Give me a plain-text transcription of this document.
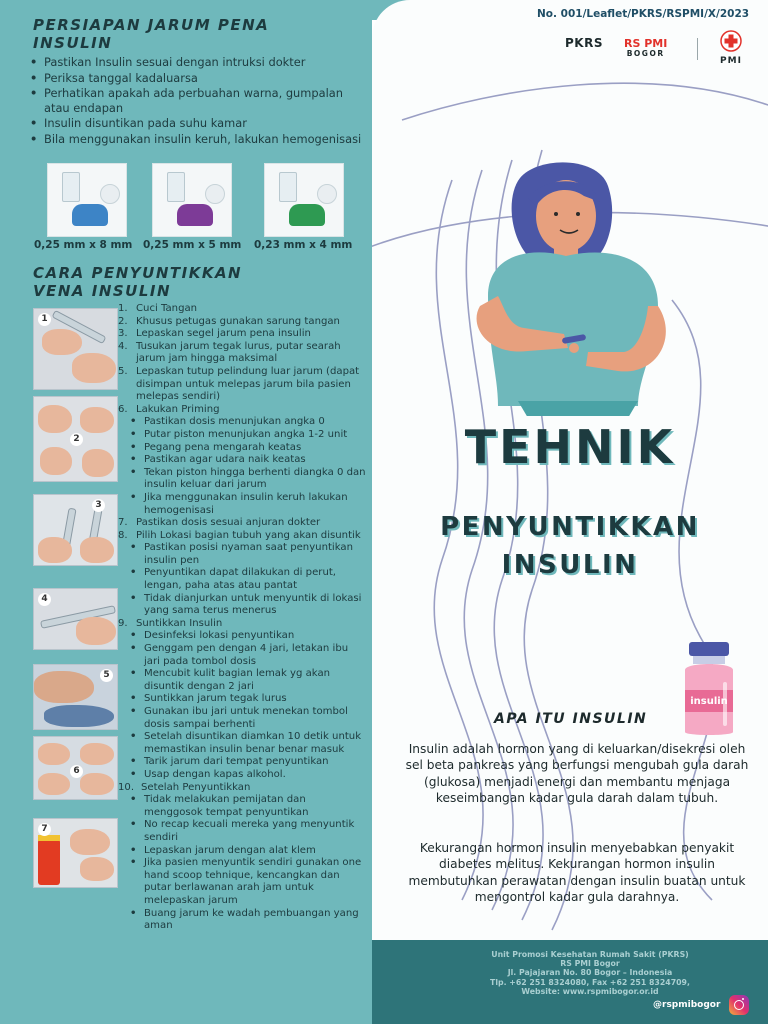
PERSIAPAN JARUM PENA INSULIN
• Pastikan Insulin sesuai dengan intruksi dokter
• Periksa tanggal kadaluarsa
• Perhatikan apakah ada perbuahan warna, gumpalan atau endapan
• Insulin disuntikan pada suhu kamar
• Bila menggunakan insulin keruh, lakukan hemogenisasi
0,25 mm x 8 mm 0,25 mm x 5 mm 0,23 mm x 4 mm
CARA PENYUNTIKKAN VENA INSULIN
1
2
3
4
5
6
7
1. Cuci Tangan
2. Khusus petugas gunakan sarung tangan
3. Lepaskan segel jarum pena insulin
4. Tusukan jarum tegak lurus, putar searah jarum jam hingga maksimal
5. Lepaskan tutup pelindung luar jarum (dapat disimpan untuk melepas jarum bila pasien melepas sendiri)
6. Lakukan Priming
• Pastikan dosis menunjukan angka 0
• Putar piston menunjukan angka 1-2 unit
• Pegang pena mengarah keatas
• Pastikan agar udara naik keatas
• Tekan piston hingga berhenti diangka 0 dan insulin keluar dari jarum
• Jika menggunakan insulin keruh lakukan hemogenisasi
7. Pastikan dosis sesuai anjuran dokter
8. Pilih Lokasi bagian tubuh yang akan disuntik
• Pastikan posisi nyaman saat penyuntikan insulin pen
• Penyuntikan dapat dilakukan di perut, lengan, paha atas atau pantat
• Tidak dianjurkan untuk menyuntik di lokasi yang sama terus menerus
9. Suntikkan Insulin
• Desinfeksi lokasi penyuntikan
• Genggam pen dengan 4 jari, letakan ibu jari pada tombol dosis
• Mencubit kulit bagian lemak yg akan disuntik dengan 2 jari
• Suntikkan jarum tegak lurus
• Gunakan ibu jari untuk menekan tombol dosis sampai berhenti
• Setelah disuntikan diamkan 10 detik untuk memastikan insulin benar benar masuk
• Tarik jarum dari tempat penyuntikan
• Usap dengan kapas alkohol.
10. Setelah Penyuntikkan
• Tidak melakukan pemijatan dan menggosok tempat penyuntikan
• No recap kecuali mereka yang menyuntik sendiri
• Lepaskan jarum dengan alat klem
• Jika pasien menyuntik sendiri gunakan one hand scoop tehnique, kencangkan dan putar berlawanan arah jam untuk melepaskan jarum
• Buang jarum ke wadah pembuangan yang aman
insulin
No. 001/Leaflet/PKRS/RSPMI/X/2023
PKRS RS PMI
BOGOR
PMI
TEHNIK
PENYUNTIKKAN
INSULIN
APA ITU INSULIN
Insulin adalah hormon yang di keluarkan/disekresi oleh sel beta pankreas yang berfungsi mengubah gula darah (glukosa) menjadi energi dan membantu menjaga keseimbangan kadar gula darah dalam tubuh.
Kekurangan hormon insulin menyebabkan penyakit diabetes melitus. Kekurangan hormon insulin membutuhkan perawatan dengan insulin buatan untuk mengontrol kadar gula darahnya.
Unit Promosi Kesehatan Rumah Sakit (PKRS)
RS PMI Bogor
Jl. Pajajaran No. 80 Bogor – Indonesia
Tlp. +62 251 8324080, Fax +62 251 8324709,
Website: www.rspmibogor.or.id
@rspmibogor
